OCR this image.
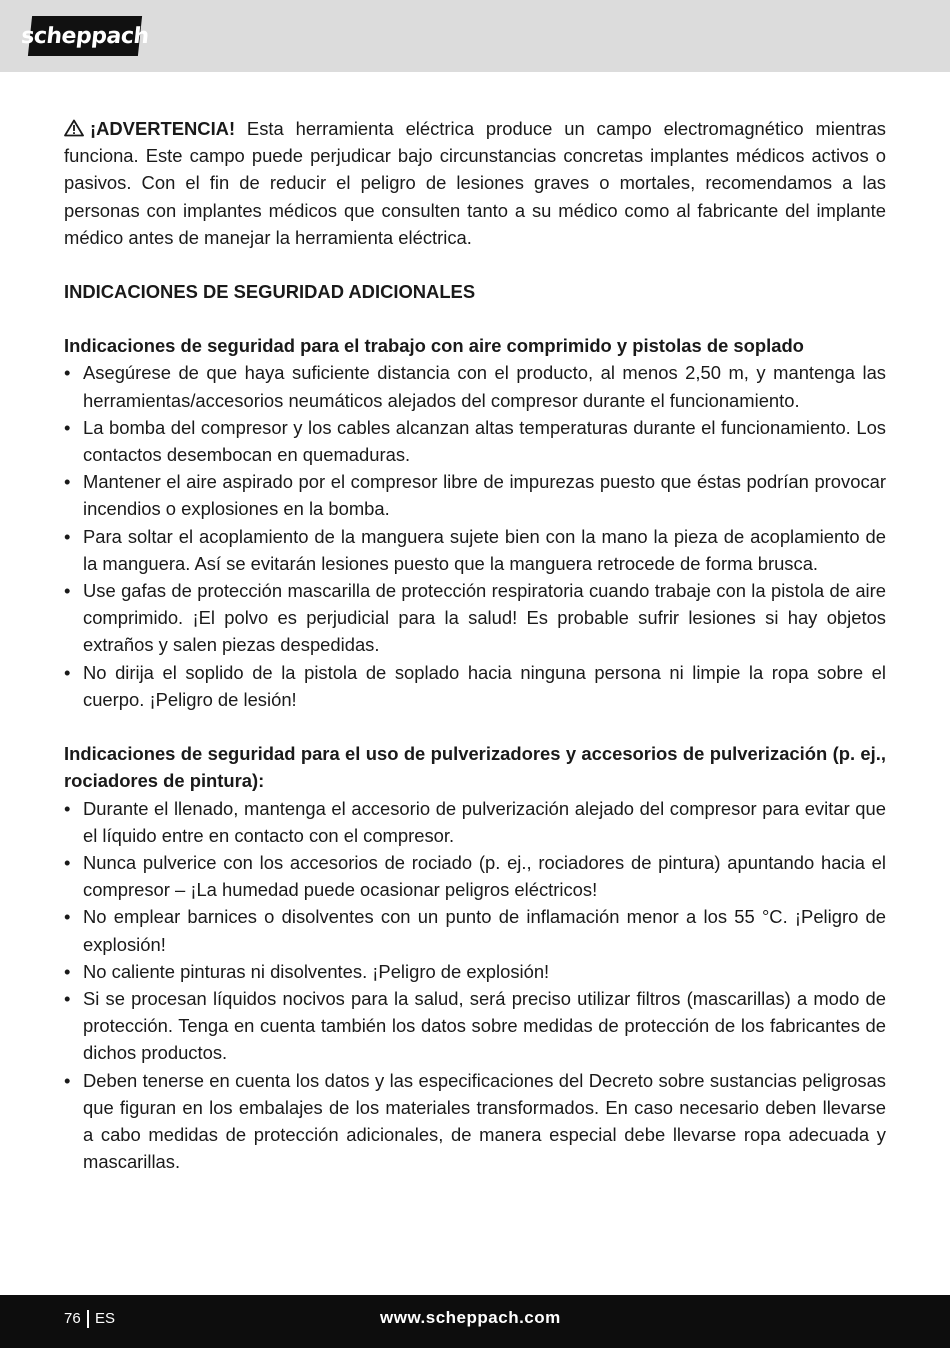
scheppach

¡ADVERTENCIA! Esta herramienta eléctrica produce un campo electromagnético mientras funciona. Este campo puede perjudicar bajo circunstancias concretas implantes médicos activos o pasivos. Con el fin de reducir el peligro de lesiones graves o mortales, recomendamos a las personas con implantes médicos que consulten tanto a su médico como al fabricante del implante médico antes de manejar la herramienta eléctrica.

INDICACIONES DE SEGURIDAD ADICIONALES
Indicaciones de seguridad para el trabajo con aire comprimido y pistolas de soplado
• Asegúrese de que haya suficiente distancia con el producto, al menos 2,50 m, y mantenga las herramientas/accesorios neumáticos alejados del compresor durante el funcionamiento.
• La bomba del compresor y los cables alcanzan altas temperaturas durante el funcionamiento. Los contactos desembocan en quemaduras.
• Mantener el aire aspirado por el compresor libre de impurezas puesto que éstas podrían provocar incendios o explosiones en la bomba.
• Para soltar el acoplamiento de la manguera sujete bien con la mano la pieza de acoplamiento de la manguera. Así se evitarán lesiones puesto que la manguera retrocede de forma brusca.
• Use gafas de protección mascarilla de protección respiratoria cuando trabaje con la pistola de aire comprimido. ¡El polvo es perjudicial para la salud! Es probable sufrir lesiones si hay objetos extraños y salen piezas despedidas.
• No dirija el soplido de la pistola de soplado hacia ninguna persona ni limpie la ropa sobre el cuerpo. ¡Peligro de lesión!
Indicaciones de seguridad para el uso de pulverizadores y accesorios de pulverización (p. ej., rociadores de pintura):
• Durante el llenado, mantenga el accesorio de pulverización alejado del compresor para evitar que el líquido entre en contacto con el compresor.
• Nunca pulverice con los accesorios de rociado (p. ej., rociadores de pintura) apuntando hacia el compresor – ¡La humedad puede ocasionar peligros eléctricos!
• No emplear barnices o disolventes con un punto de inflamación menor a los 55 °C. ¡Peligro de explosión!
• No caliente pinturas ni disolventes. ¡Peligro de explosión!
• Si se procesan líquidos nocivos para la salud, será preciso utilizar filtros (mascarillas) a modo de protección. Tenga en cuenta también los datos sobre medidas de protección de los fabricantes de dichos productos.
• Deben tenerse en cuenta los datos y las especificaciones del Decreto sobre sustancias peligrosas que figuran en los embalajes de los materiales transformados. En caso necesario deben llevarse a cabo medidas de protección adicionales, de manera especial debe llevarse ropa adecuada y mascarillas.
76 ES	www.scheppach.com
